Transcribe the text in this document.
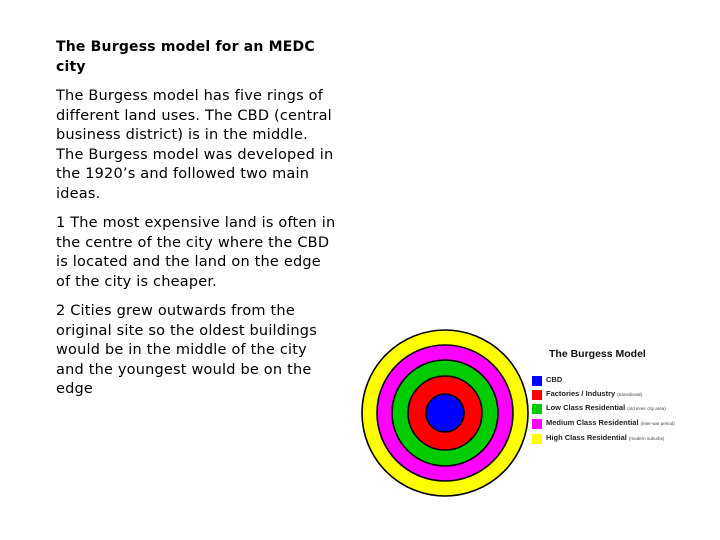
The Burgess model for an MEDC city

The Burgess model has five rings of different land uses. The CBD (central business district) is in the middle. The Burgess model was developed in the 1920’s and followed two main ideas.

1 The most expensive land is often in the centre of the city where the CBD is located and the land on the edge of the city is cheaper.

2 Cities grew outwards from the original site so the oldest buildings would be in the middle of the city and the youngest would be on the edge

The Burgess Model
CBD
Factories / Industry (transitional)
Low Class Residential (old inner city area)
Medium Class Residential (inter-war period)
High Class Residential (modern suburbs)
